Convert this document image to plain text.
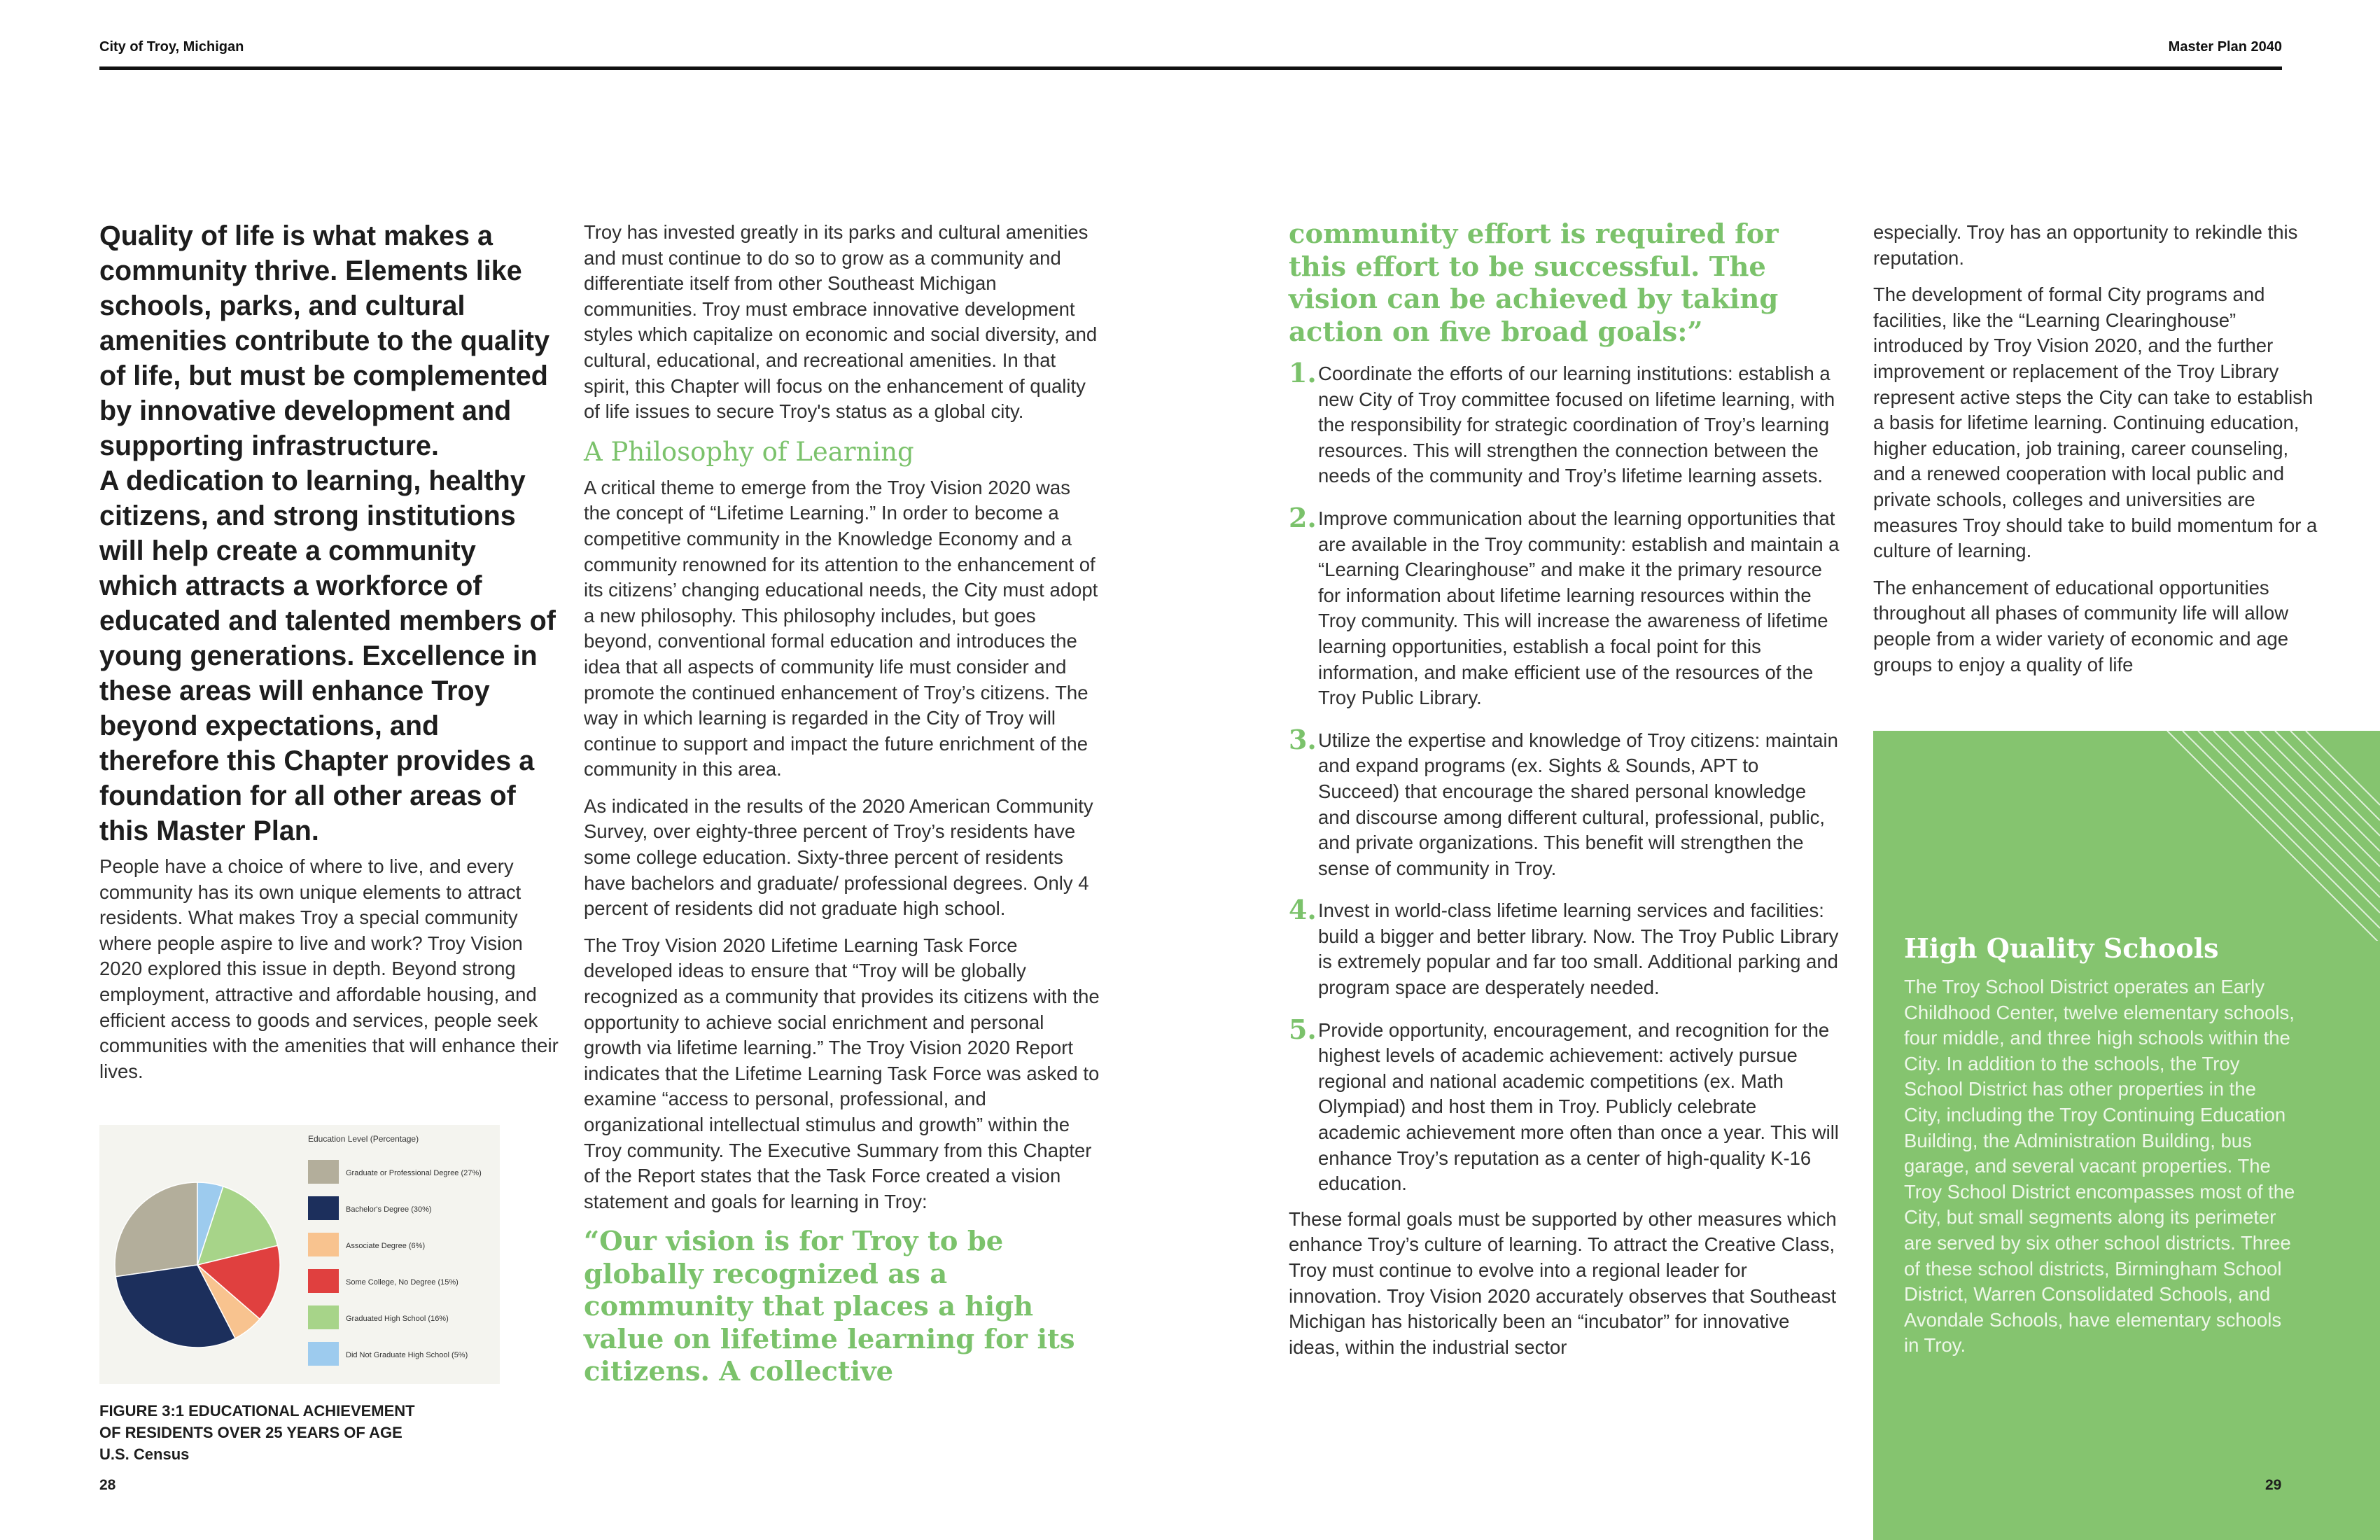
City of Troy, Michigan	Master Plan 2040

Quality of life is what makes a community thrive. Elements like schools, parks, and cultural amenities contribute to the quality of life, but must be complemented by innovative development and supporting infrastructure.

A dedication to learning, healthy citizens, and strong institutions will help create a community which attracts a workforce of educated and talented members of young generations. Excellence in these areas will enhance Troy beyond expectations, and therefore this Chapter provides a foundation for all other areas of this Master Plan.

People have a choice of where to live, and every community has its own unique elements to attract residents. What makes Troy a special community where people aspire to live and work? Troy Vision 2020 explored this issue in depth. Beyond strong employment, attractive and affordable housing, and efficient access to goods and services, people seek communities with the amenities that will enhance their lives.

Education Level (Percentage)
Graduate or Professional Degree (27%)
Bachelor's Degree (30%)
Associate Degree (6%)
Some College, No Degree (15%)
Graduated High School (16%)
Did Not Graduate High School (5%)
FIGURE 3:1 EDUCATIONAL ACHIEVEMENT
OF RESIDENTS OVER 25 YEARS OF AGE
U.S. Census
28

Troy has invested greatly in its parks and cultural amenities and must continue to do so to grow as a community and differentiate itself from other Southeast Michigan communities. Troy must embrace innovative development styles which capitalize on economic and social diversity, and cultural, educational, and recreational amenities. In that spirit, this Chapter will focus on the enhancement of quality of life issues to secure Troy's status as a global city.

A Philosophy of Learning

A critical theme to emerge from the Troy Vision 2020 was the concept of “Lifetime Learning.” In order to become a competitive community in the Knowledge Economy and a community renowned for its attention to the enhancement of its citizens’ changing educational needs, the City must adopt a new philosophy. This philosophy includes, but goes beyond, conventional formal education and introduces the idea that all aspects of community life must consider and promote the continued enhancement of Troy’s citizens. The way in which learning is regarded in the City of Troy will continue to support and impact the future enrichment of the community in this area.

As indicated in the results of the 2020 American Community Survey, over eighty-three percent of Troy’s residents have some college education. Sixty-three percent of residents have bachelors and graduate/ professional degrees. Only 4 percent of residents did not graduate high school.

The Troy Vision 2020 Lifetime Learning Task Force developed ideas to ensure that “Troy will be globally recognized as a community that provides its citizens with the opportunity to achieve social enrichment and personal growth via lifetime learning.” The Troy Vision 2020 Report indicates that the Lifetime Learning Task Force was asked to examine “access to personal, professional, and organizational intellectual stimulus and growth” within the Troy community. The Executive Summary from this Chapter of the Report states that the Task Force created a vision statement and goals for learning in Troy:

“Our vision is for Troy to be globally recognized as a community that places a high value on lifetime learning for its citizens. A collective

community effort is required for this effort to be successful. The vision can be achieved by taking action on five broad goals:”

1. Coordinate the efforts of our learning institutions: establish a new City of Troy committee focused on lifetime learning, with the responsibility for strategic coordination of Troy’s learning resources. This will strengthen the connection between the needs of the community and Troy’s lifetime learning assets.
2. Improve communication about the learning opportunities that are available in the Troy community: establish and maintain a “Learning Clearinghouse” and make it the primary resource for information about lifetime learning resources within the Troy community. This will increase the awareness of lifetime learning opportunities, establish a focal point for this information, and make efficient use of the resources of the Troy Public Library.
3. Utilize the expertise and knowledge of Troy citizens: maintain and expand programs (ex. Sights & Sounds, APT to Succeed) that encourage the shared personal knowledge and discourse among different cultural, professional, public, and private organizations. This benefit will strengthen the sense of community in Troy.
4. Invest in world-class lifetime learning services and facilities: build a bigger and better library. Now. The Troy Public Library is extremely popular and far too small. Additional parking and program space are desperately needed.
5. Provide opportunity, encouragement, and recognition for the highest levels of academic achievement: actively pursue regional and national academic competitions (ex. Math Olympiad) and host them in Troy. Publicly celebrate academic achievement more often than once a year. This will enhance Troy’s reputation as a center of high-quality K-16 education.

These formal goals must be supported by other measures which enhance Troy’s culture of learning. To attract the Creative Class, Troy must continue to evolve into a regional leader for innovation. Troy Vision 2020 accurately observes that Southeast Michigan has historically been an “incubator” for innovative ideas, within the industrial sector

especially. Troy has an opportunity to rekindle this reputation.

The development of formal City programs and facilities, like the “Learning Clearinghouse” introduced by Troy Vision 2020, and the further improvement or replacement of the Troy Library represent active steps the City can take to establish a basis for lifetime learning. Continuing education, higher education, job training, career counseling, and a renewed cooperation with local public and private schools, colleges and universities are measures Troy should take to build momentum for a culture of learning.

The enhancement of educational opportunities throughout all phases of community life will allow people from a wider variety of economic and age groups to enjoy a quality of life

High Quality Schools
The Troy School District operates an Early Childhood Center, twelve elementary schools, four middle, and three high schools within the City. In addition to the schools, the Troy School District has other properties in the City, including the Troy Continuing Education Building, the Administration Building, bus garage, and several vacant properties. The Troy School District encompasses most of the City, but small segments along its perimeter are served by six other school districts. Three of these school districts, Birmingham School District, Warren Consolidated Schools, and Avondale Schools, have elementary schools in Troy.
29
